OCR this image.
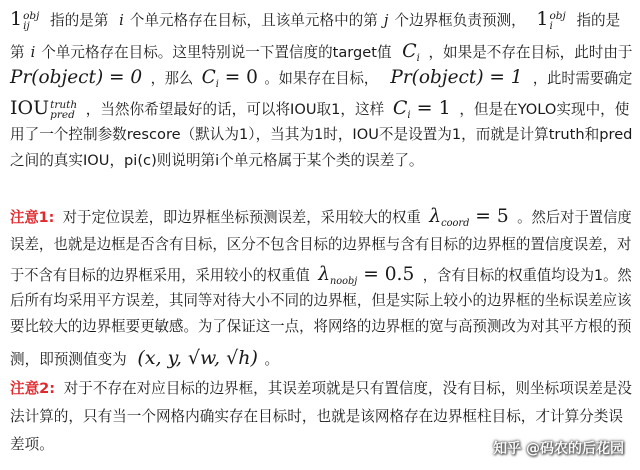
1 obj
ij	指的是第 i 个单元格存在目标，且该单元格中的第 j 个边界框负责预测， 1 obj
i	指的是
第 i 个单元格存在目标。这里特别说一下置信度的target值 $C_i$ ，如果是不存在目标，此时由于
Pr(object) = 0 ，那么 $C_i = 0$ 。如果存在目标， Pr(object) = 1 ，此时需要确定
IOU truth
pred ，当然你希望最好的话，可以将IOU取1，这样 $C_i = 1$ ，但是在YOLO实现中，使
用了一个控制参数rescore（默认为1），当其为1时，IOU不是设置为1，而就是计算truth和pred
之间的真实IOU，pi(c)则说明第i个单元格属于某个类的误差了。
注意1: 对于定位误差，即边界框坐标预测误差，采用较大的权重 $\lambda_{coord} = 5$ 。然后对于置信度
误差，也就是边框是否含有目标，区分不包含目标的边界框与含有目标的边界框的置信度误差，对
于不含有目标的边界框采用，采用较小的权重值 $\lambda_{noobj} = 0.5$ ，含有目标的权重值均设为1。然
后所有均采用平方误差，其同等对待大小不同的边界框，但是实际上较小的边界框的坐标误差应该
要比较大的边界框要更敏感。为了保证这一点，将网络的边界框的宽与高预测改为对其平方根的预
测，即预测值变为 (x, y, √w, √h) 。
注意2: 对于不存在对应目标的边界框，其误差项就是只有置信度，没有目标，则坐标项误差是没
法计算的，只有当一个网格内确实存在目标时，也就是该网格存在边界框柱目标，才计算分类误
差项。	知乎 @码农的后花园
